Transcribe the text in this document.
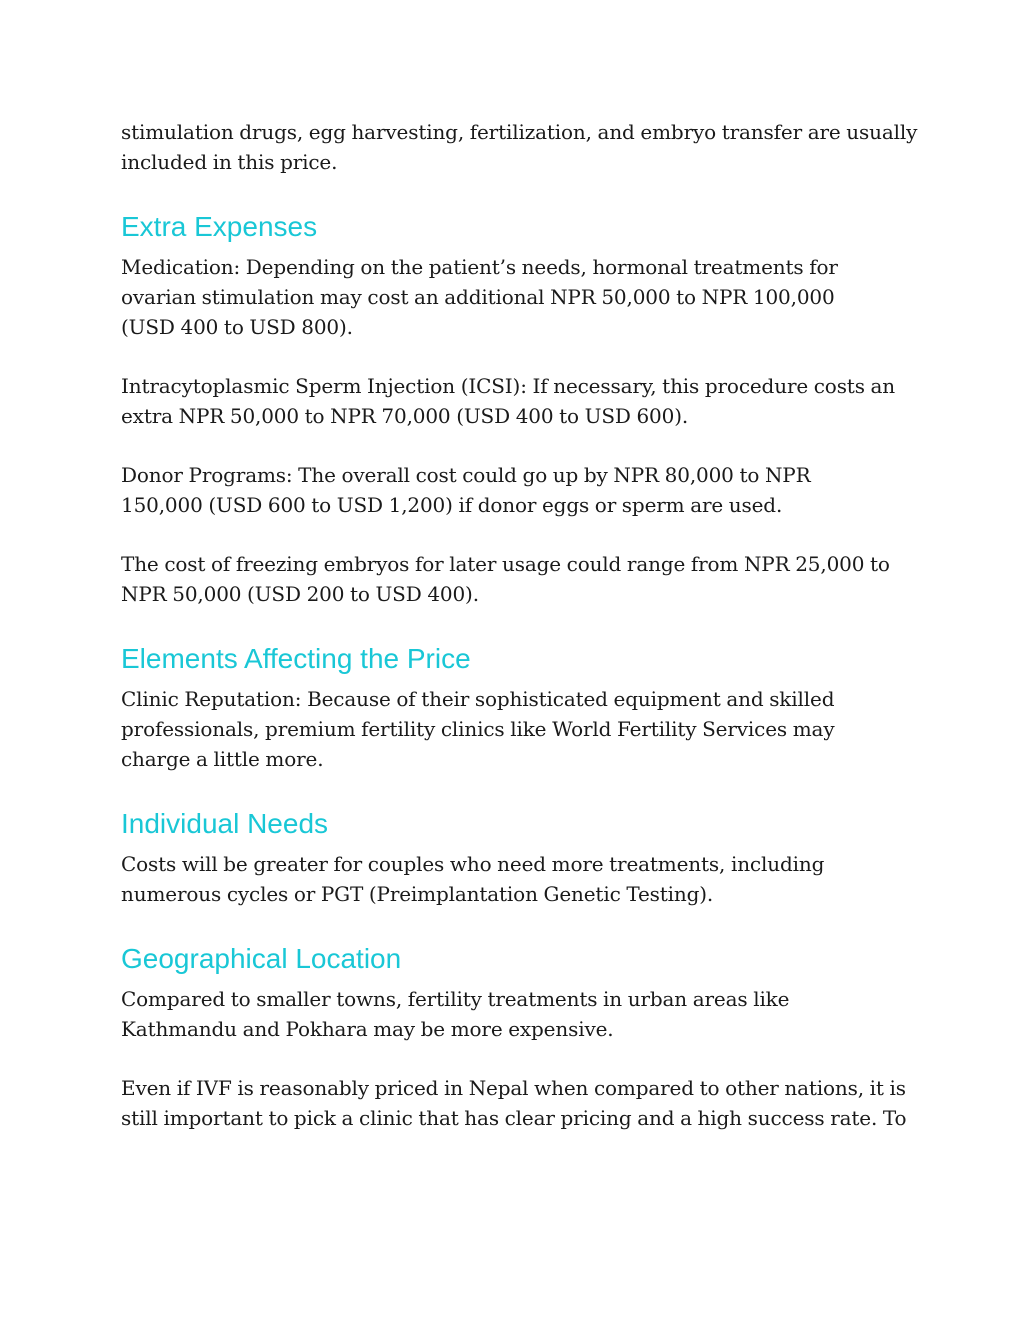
stimulation drugs, egg harvesting, fertilization, and embryo transfer are usually included in this price.

Extra Expenses

Medication: Depending on the patient’s needs, hormonal treatments for ovarian stimulation may cost an additional NPR 50,000 to NPR 100,000 (USD 400 to USD 800).

Intracytoplasmic Sperm Injection (ICSI): If necessary, this procedure costs an extra NPR 50,000 to NPR 70,000 (USD 400 to USD 600).

Donor Programs: The overall cost could go up by NPR 80,000 to NPR 150,000 (USD 600 to USD 1,200) if donor eggs or sperm are used.

The cost of freezing embryos for later usage could range from NPR 25,000 to NPR 50,000 (USD 200 to USD 400).

Elements Affecting the Price

Clinic Reputation: Because of their sophisticated equipment and skilled professionals, premium fertility clinics like World Fertility Services may charge a little more.

Individual Needs

Costs will be greater for couples who need more treatments, including numerous cycles or PGT (Preimplantation Genetic Testing).

Geographical Location

Compared to smaller towns, fertility treatments in urban areas like Kathmandu and Pokhara may be more expensive.

Even if IVF is reasonably priced in Nepal when compared to other nations, it is still important to pick a clinic that has clear pricing and a high success rate. To
